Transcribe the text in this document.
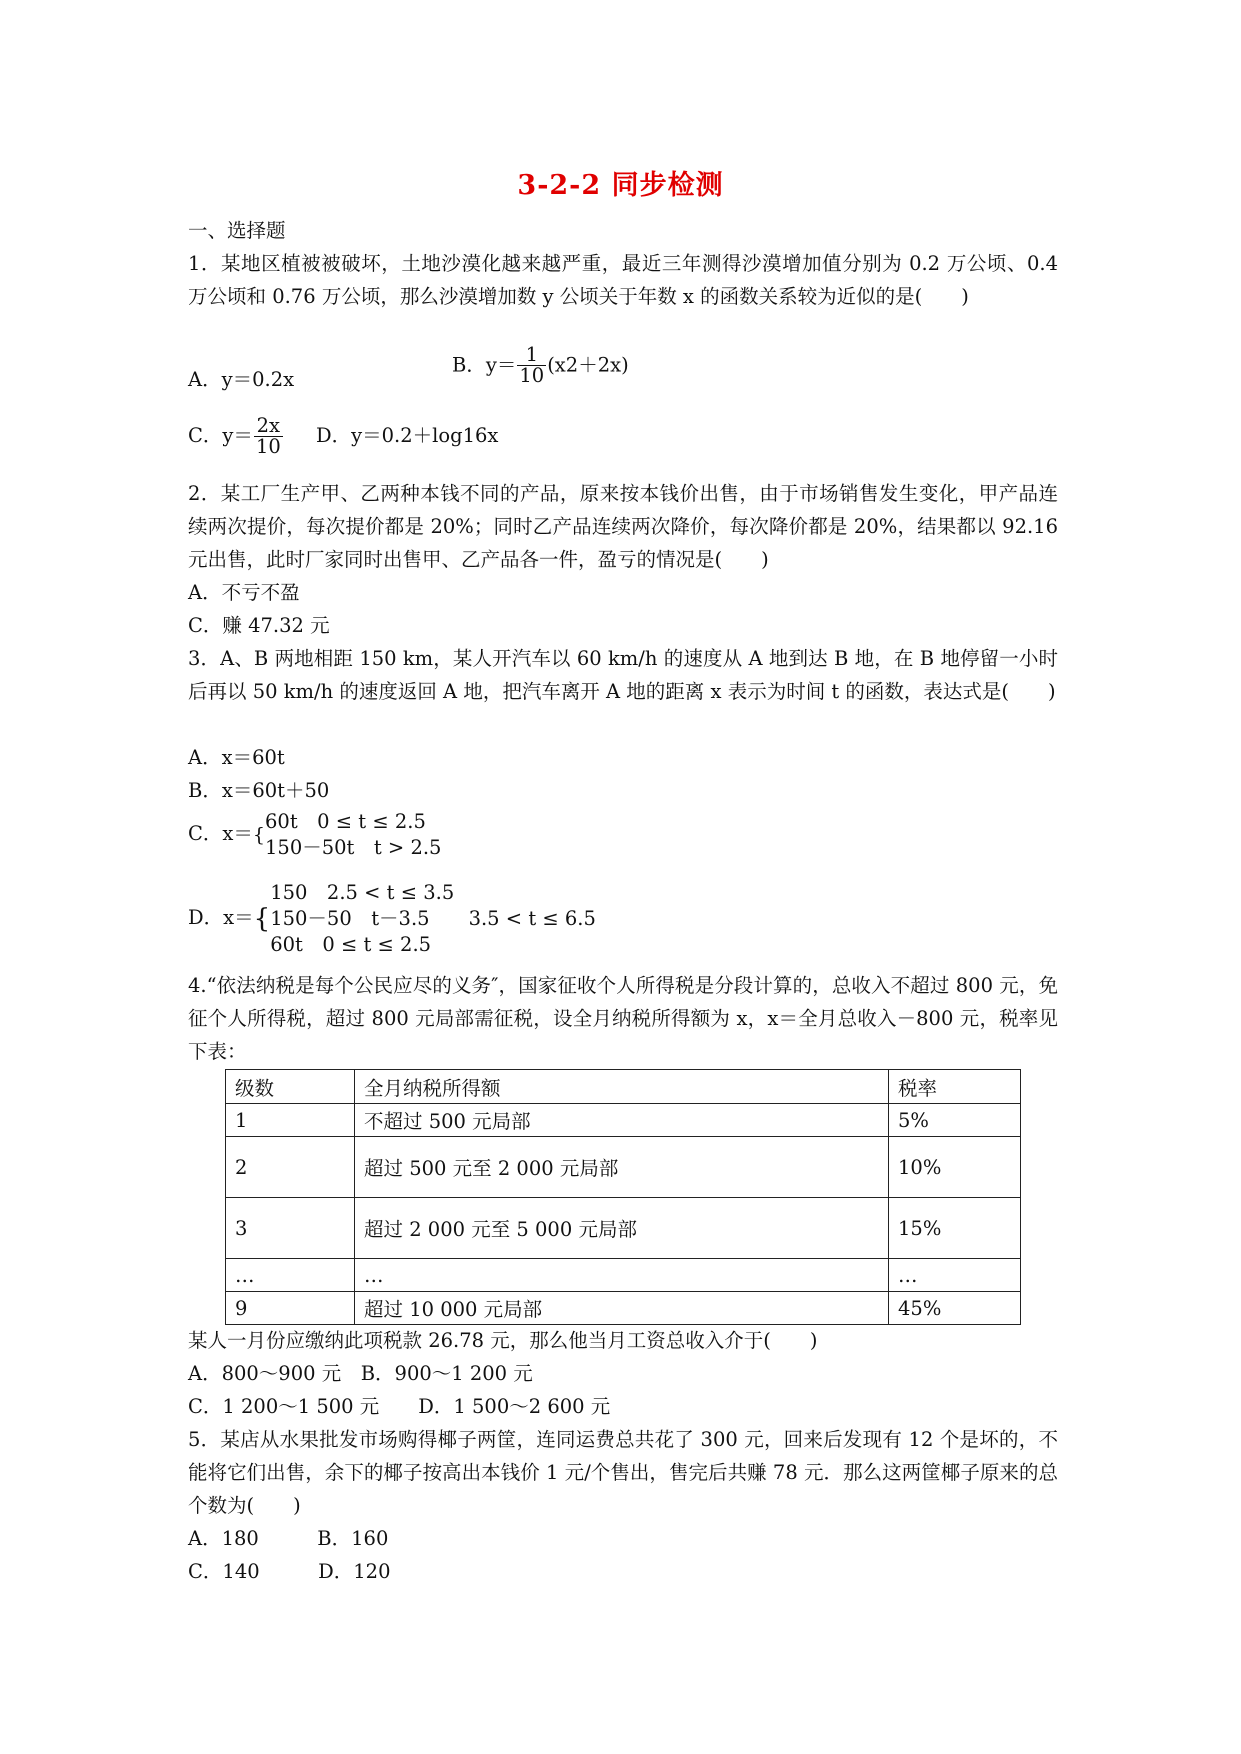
3-2-2 同步检测
一、选择题
1．某地区植被被破坏，土地沙漠化越来越严重，最近三年测得沙漠增加值分别为 0.2 万公顷、0.4 万公顷和 0.76 万公顷，那么沙漠增加数 y 公顷关于年数 x 的函数关系较为近似的是(　　)
A．y＝0.2x
B．$y= \frac{1}{10} (x2+2x)$
C．$y= \frac{2x}{10}$ D．y＝0.2＋log16x
2．某工厂生产甲、乙两种本钱不同的产品，原来按本钱价出售，由于市场销售发生变化，甲产品连续两次提价，每次提价都是 20%；同时乙产品连续两次降价，每次降价都是 20%，结果都以 92.16 元出售，此时厂家同时出售甲、乙产品各一件，盈亏的情况是(　　)
A．不亏不盈
C．赚 47.32 元
3．A、B 两地相距 150 km，某人开汽车以 60 km/h 的速度从 A 地到达 B 地，在 B 地停留一小时后再以 50 km/h 的速度返回 A 地，把汽车离开 A 地的距离 x 表示为时间 t 的函数，表达式是(　　)
A．x＝60t
B．x＝60t＋50
C．x＝{
60t　0 ≤ t ≤ 2.5
150－50t　t > 2.5
D．x＝{
150　2.5 < t ≤ 3.5
150－50　t－3.5　　3.5 < t ≤ 6.5
60t　0 ≤ t ≤ 2.5
4.“依法纳税是每个公民应尽的义务″，国家征收个人所得税是分段计算的，总收入不超过 800 元，免征个人所得税，超过 800 元局部需征税，设全月纳税所得额为 x，x＝全月总收入－800 元，税率见下表：
级数	全月纳税所得额	税率
1	不超过 500 元局部	5%
2	超过 500 元至 2 000 元局部	10%
3	超过 2 000 元至 5 000 元局部	15%
…	…	…
9	超过 10 000 元局部	45%
某人一月份应缴纳此项税款 26.78 元，那么他当月工资总收入介于(　　)
A．800～900 元　B．900～1 200 元
C．1 200～1 500 元　　D．1 500～2 600 元
5．某店从水果批发市场购得椰子两筐，连同运费总共花了 300 元，回来后发现有 12 个是坏的，不能将它们出售，余下的椰子按高出本钱价 1 元/个售出，售完后共赚 78 元．那么这两筐椰子原来的总个数为(　　)
A．180　　　B．160
C．140　　　D．120
